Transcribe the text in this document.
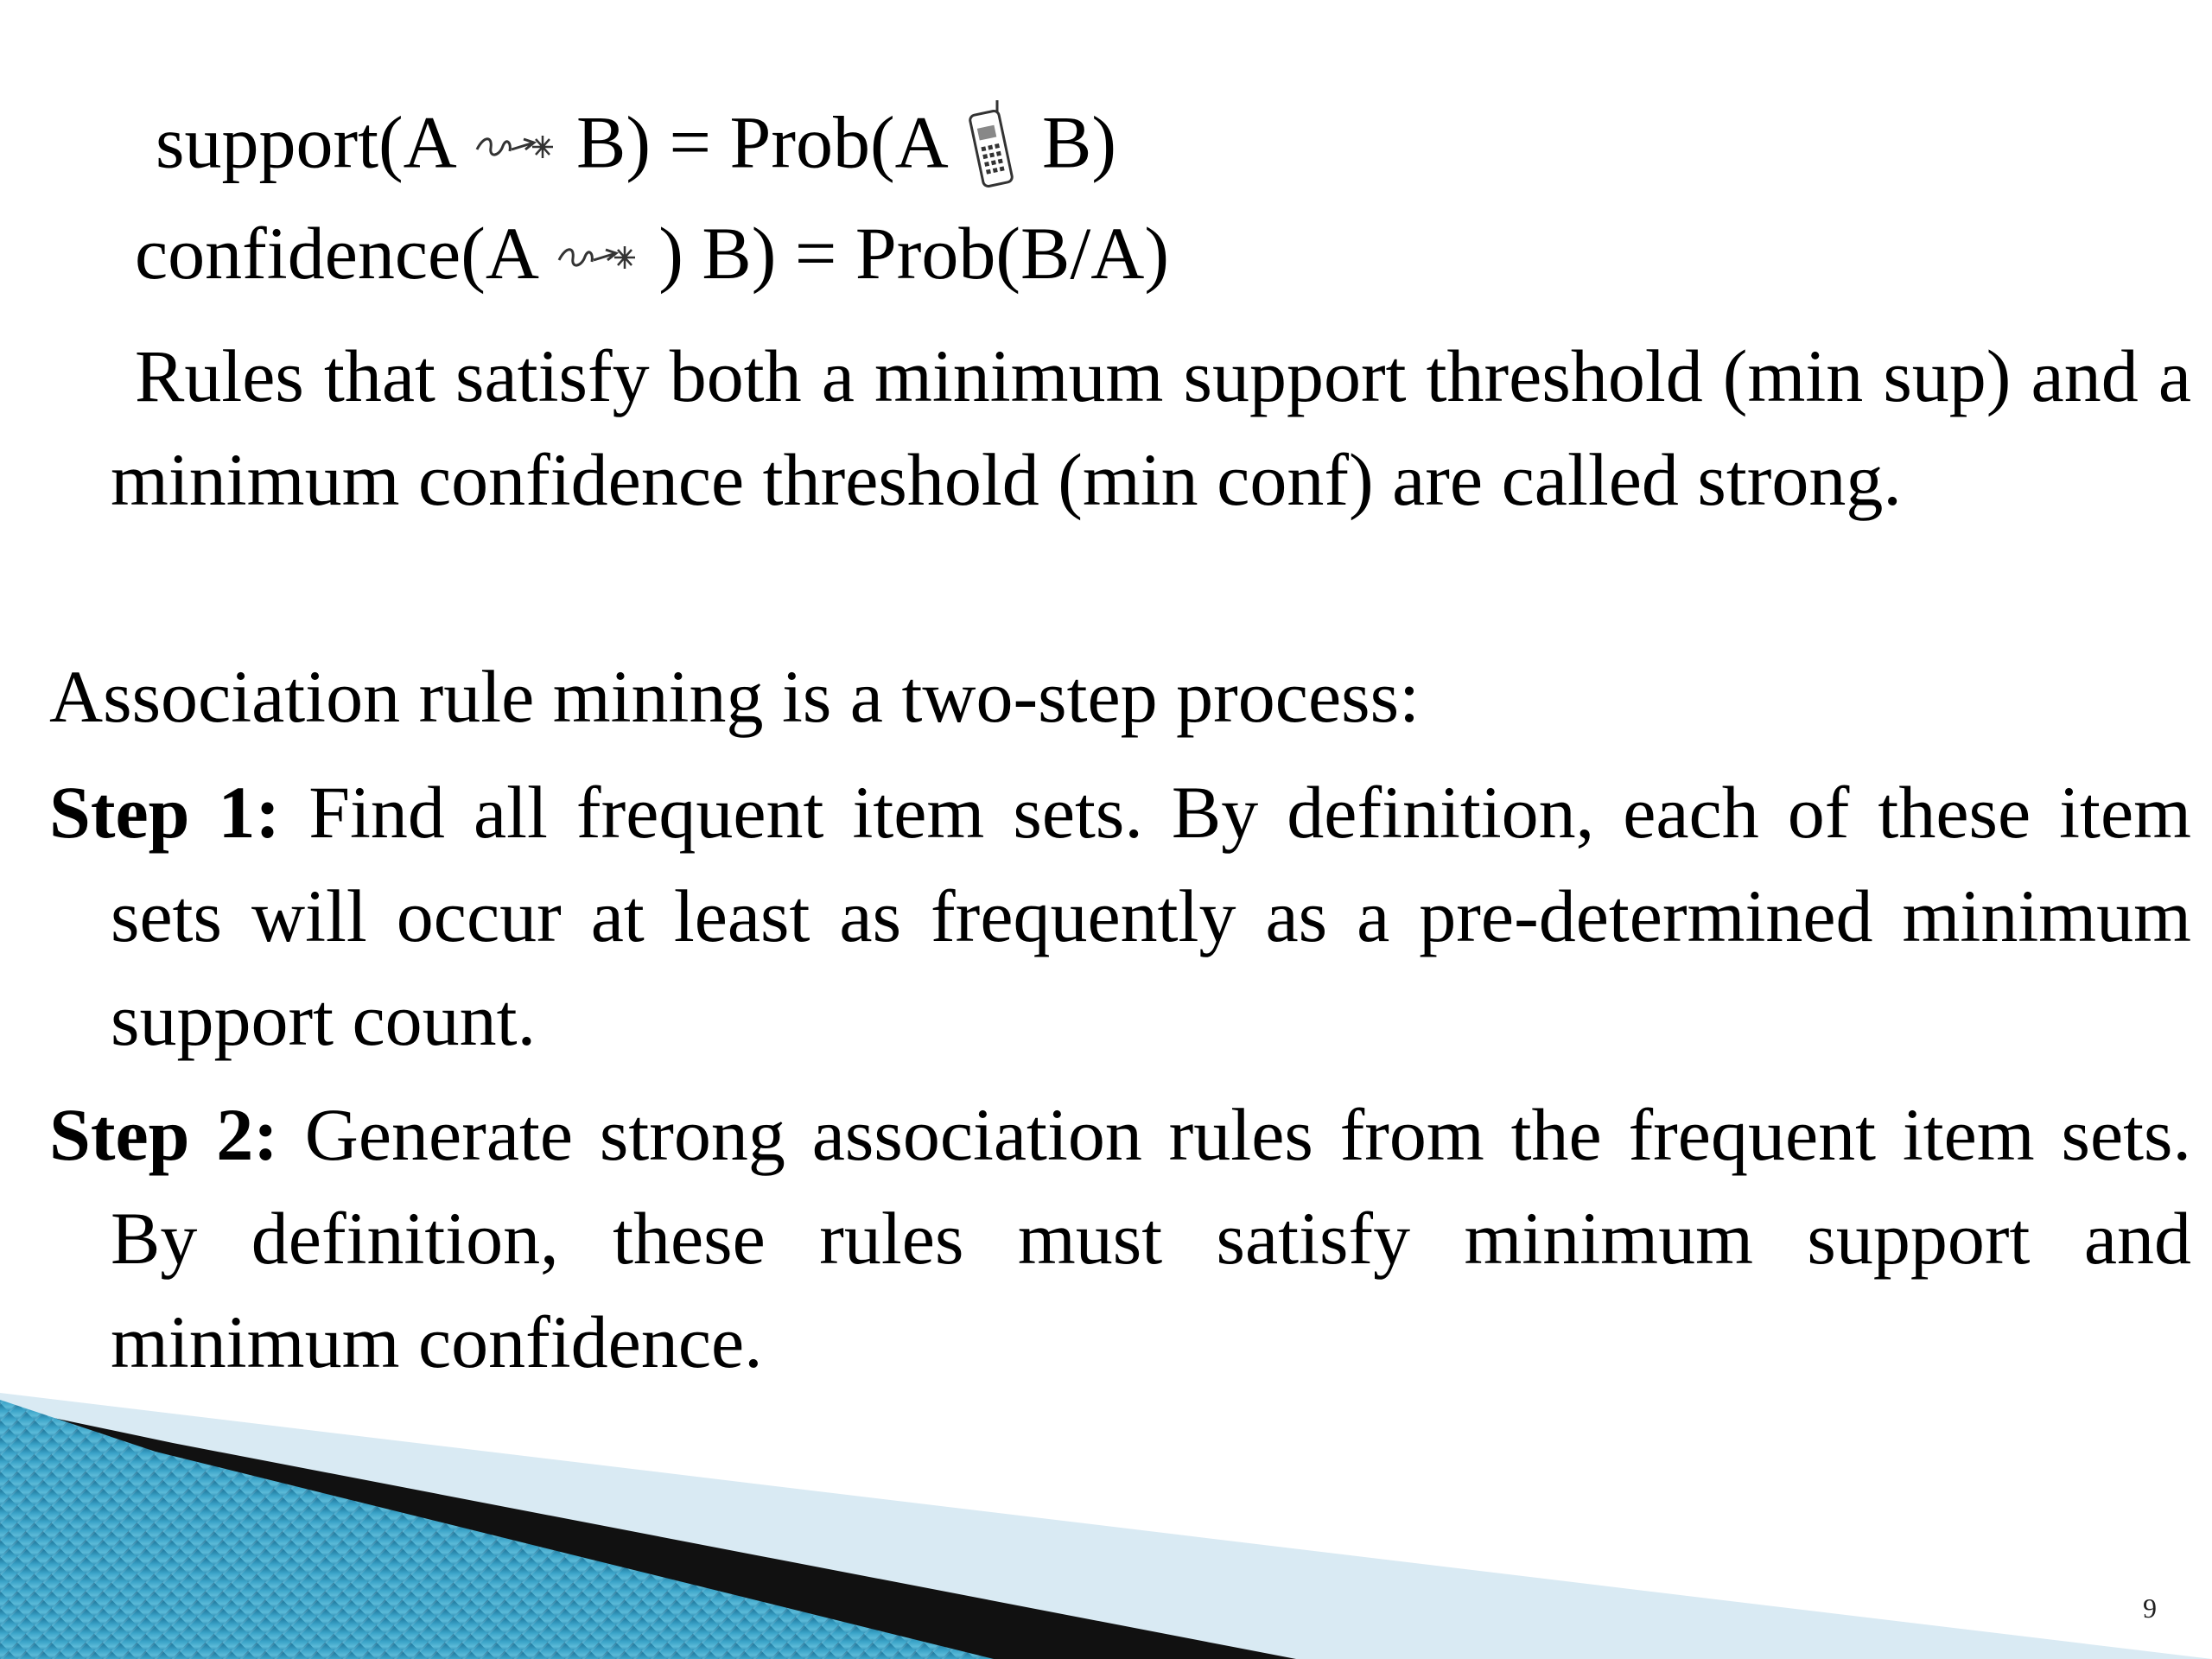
support(A B) = Prob(A B)
confidence(A ) B) = Prob(B/A)
Rules that satisfy both a minimum support threshold (min sup) and a minimum confidence threshold (min conf) are called strong.
Association rule mining is a two-step process:
Step 1: Find all frequent item sets. By definition, each of these item sets will occur at least as frequently as a pre-determined minimum support count.
Step 2: Generate strong association rules from the frequent item sets. By definition, these rules must satisfy minimum support and minimum confidence.
9
